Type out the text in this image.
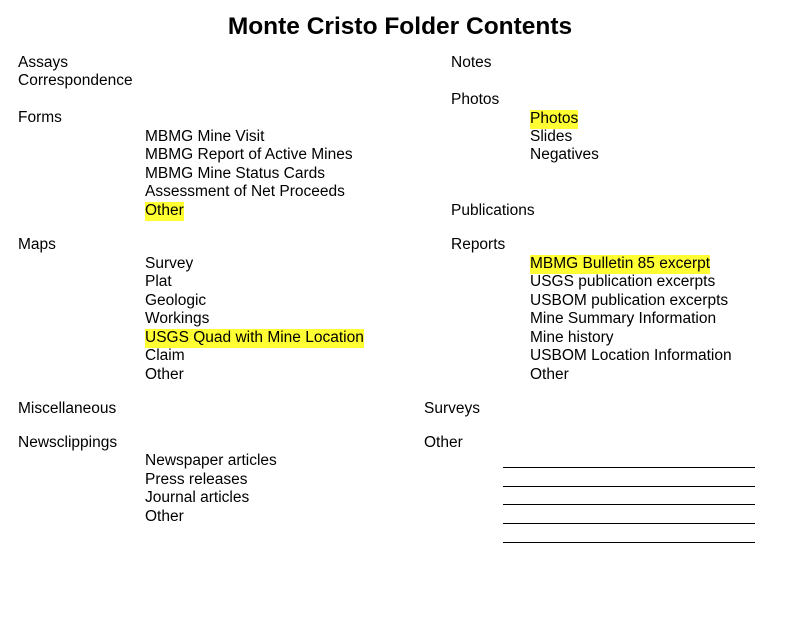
Monte Cristo Folder Contents
Assays
Correspondence
Forms
MBMG Mine Visit
MBMG Report of Active Mines
MBMG Mine Status Cards
Assessment of Net Proceeds
Other
Maps
Survey
Plat
Geologic
Workings
USGS Quad with Mine Location
Claim
Other
Miscellaneous
Newsclippings
Newspaper articles
Press releases
Journal articles
Other
Notes
Photos
Photos
Slides
Negatives
Publications
Reports
MBMG Bulletin 85 excerpt
USGS publication excerpts
USBOM publication excerpts
Mine Summary Information
Mine history
USBOM Location Information
Other
Surveys
Other
